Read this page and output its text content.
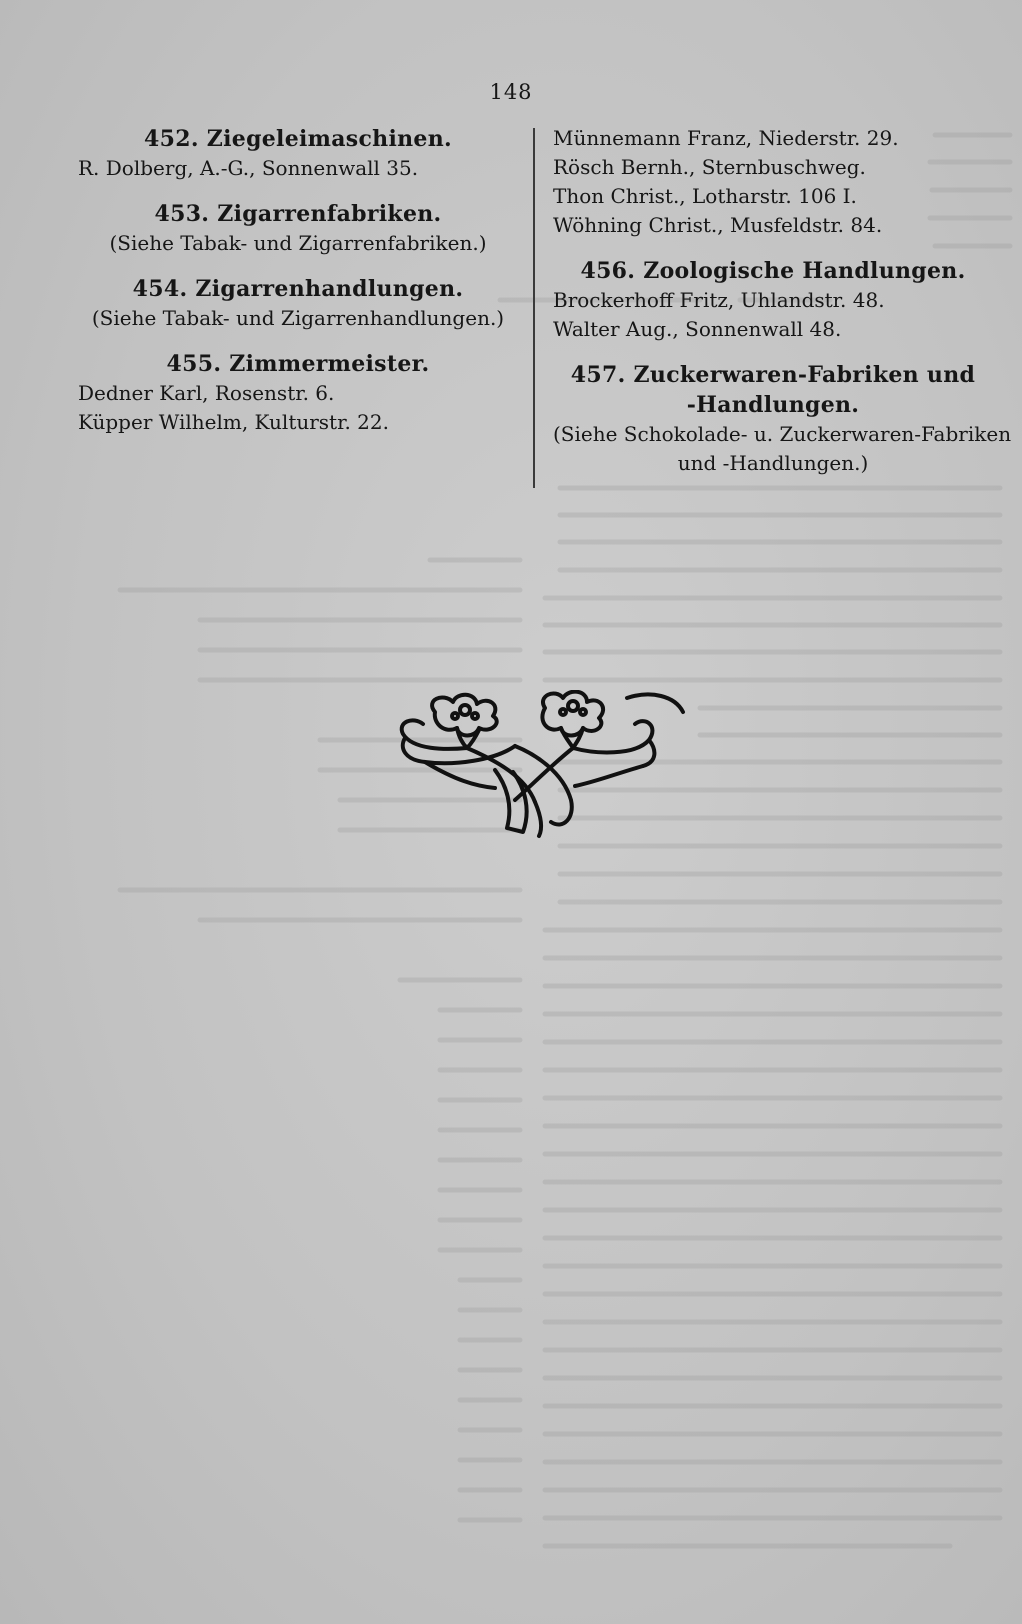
148
452. Ziegeleimaschinen.

R. Dolberg, A.-G., Sonnenwall 35.

453. Zigarrenfabriken.

(Siehe Tabak- und Zigarrenfabriken.)

454. Zigarrenhandlungen.

(Siehe Tabak- und Zigarrenhandlungen.)

455. Zimmermeister.

Dedner Karl, Rosenstr. 6.

Küpper Wilhelm, Kulturstr. 22.

Münnemann Franz, Niederstr. 29.

Rösch Bernh., Sternbuschweg.

Thon Christ., Lotharstr. 106 I.

Wöhning Christ., Musfeldstr. 84.

456. Zoologische Handlungen.

Brockerhoff Fritz, Uhlandstr. 48.

Walter Aug., Sonnenwall 48.

457. Zuckerwaren-Fabriken und
-Handlungen.

(Siehe Schokolade- u. Zuckerwaren-Fabriken

und -Handlungen.)
